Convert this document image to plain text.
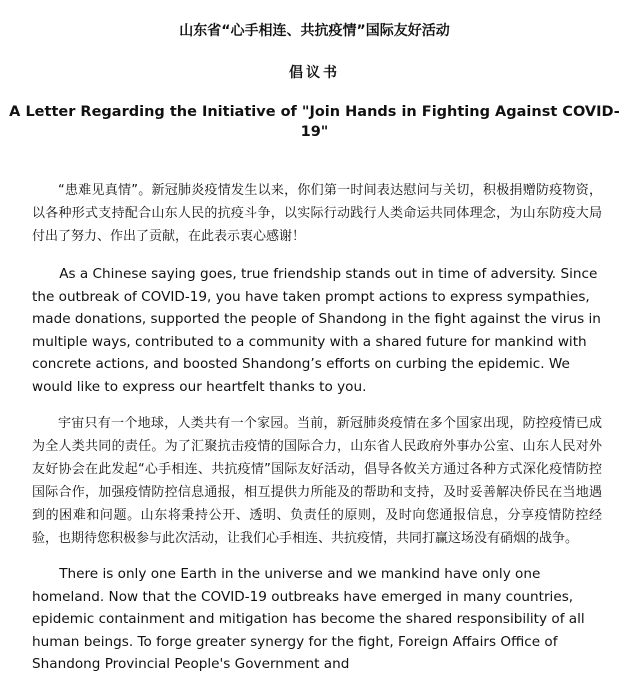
山东省“心手相连、共抗疫情”国际友好活动
倡议书
A Letter Regarding the Initiative of "Join Hands in Fighting Against COVID-19"

“患难见真情”。新冠肺炎疫情发生以来，你们第一时间表达慰问与关切，积极捐赠防疫物资，以各种形式支持配合山东人民的抗疫斗争，以实际行动践行人类命运共同体理念，为山东防疫大局付出了努力、作出了贡献，在此表示衷心感谢！

As a Chinese saying goes, true friendship stands out in time of adversity. Since the outbreak of COVID-19, you have taken prompt actions to express sympathies, made donations, supported the people of Shandong in the fight against the virus in multiple ways, contributed to a community with a shared future for mankind with concrete actions, and boosted Shandong’s efforts on curbing the epidemic. We would like to express our heartfelt thanks to you.

宇宙只有一个地球，人类共有一个家园。当前，新冠肺炎疫情在多个国家出现，防控疫情已成为全人类共同的责任。为了汇聚抗击疫情的国际合力，山东省人民政府外事办公室、山东人民对外友好协会在此发起“心手相连、共抗疫情”国际友好活动，倡导各攸关方通过各种方式深化疫情防控国际合作，加强疫情防控信息通报，相互提供力所能及的帮助和支持，及时妥善解决侨民在当地遇到的困难和问题。山东将秉持公开、透明、负责任的原则，及时向您通报信息，分享疫情防控经验，也期待您积极参与此次活动，让我们心手相连、共抗疫情，共同打赢这场没有硝烟的战争。

There is only one Earth in the universe and we mankind have only one homeland. Now that the COVID-19 outbreaks have emerged in many countries, epidemic containment and mitigation has become the shared responsibility of all human beings. To forge greater synergy for the fight, Foreign Affairs Office of Shandong Provincial People's Government and
